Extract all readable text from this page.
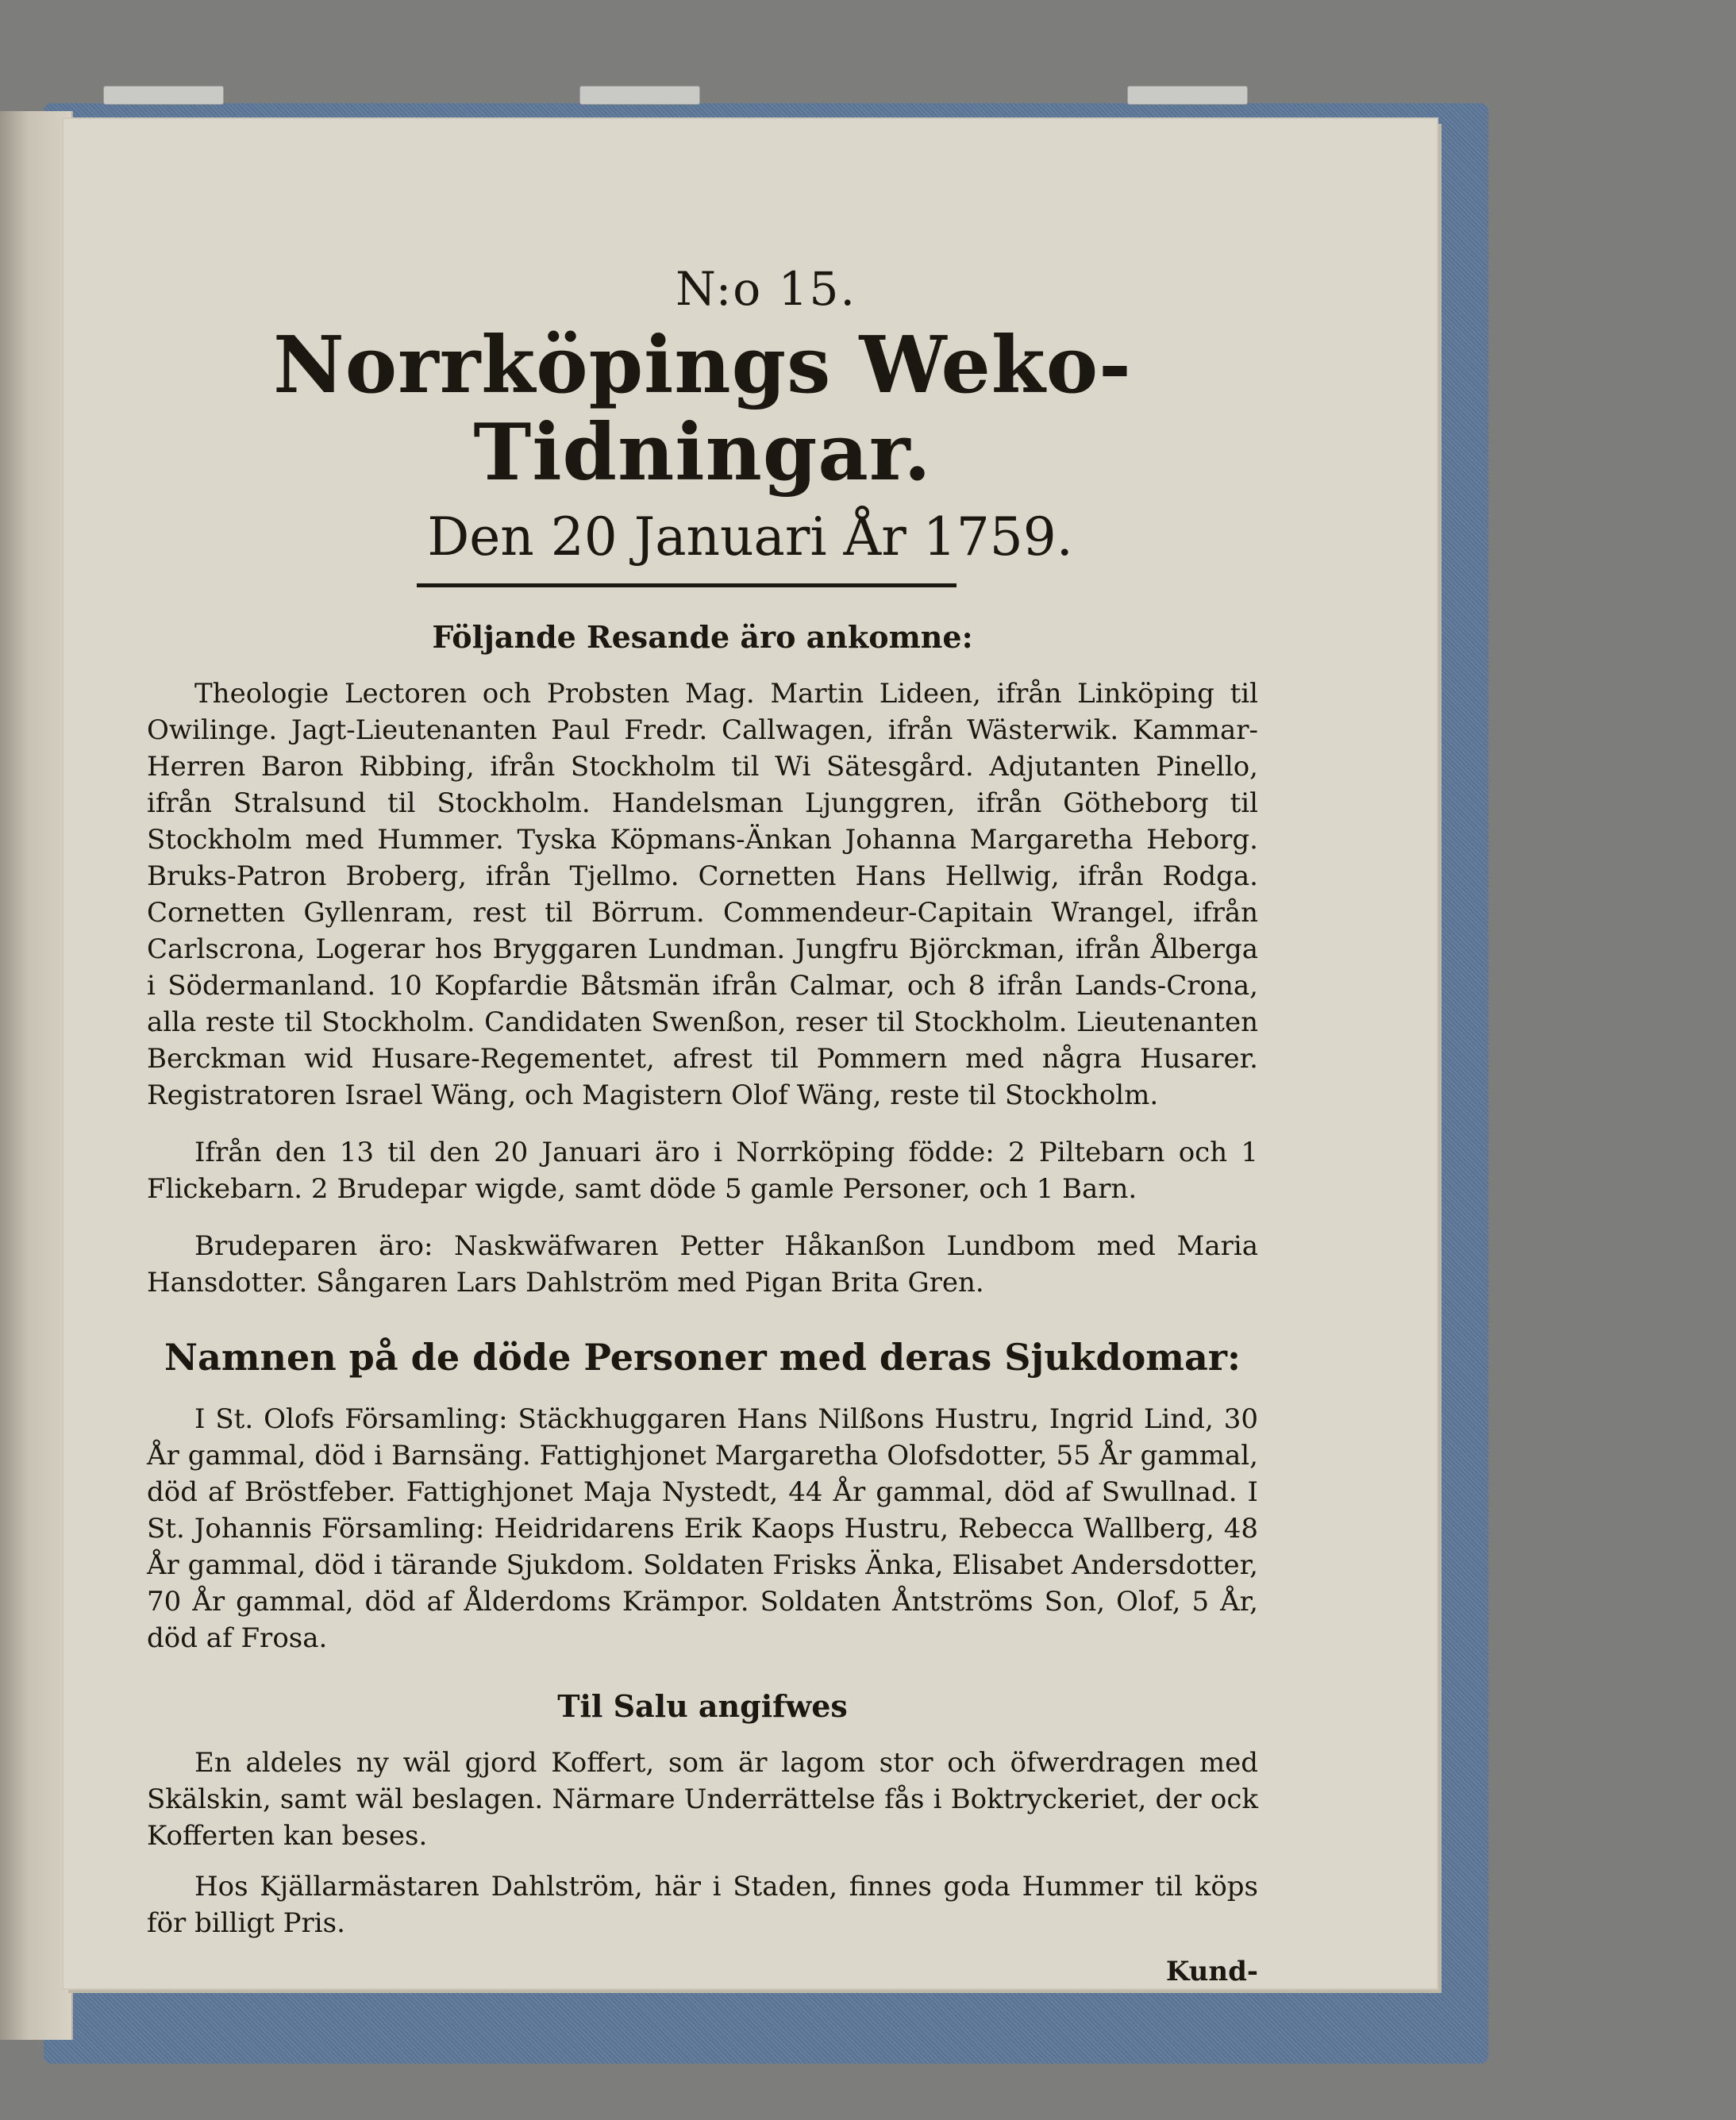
N:o 15.
Norrköpings Weko-Tidningar.
Den 20 Januari År 1759.
Följande Resande äro ankomne:
Theologie Lectoren och Probsten Mag. Martin Lideen, ifrån Linköping til Owilinge. Jagt-Lieutenanten Paul Fredr. Callwagen, ifrån Wästerwik. Kammar-Herren Baron Ribbing, ifrån Stockholm til Wi Sätesgård. Adjutanten Pinello, ifrån Stralsund til Stockholm. Handelsman Ljunggren, ifrån Götheborg til Stockholm med Hummer. Tyska Köpmans-Änkan Johanna Margaretha Heborg. Bruks-Patron Broberg, ifrån Tjellmo. Cornetten Hans Hellwig, ifrån Rodga. Cornetten Gyllenram, rest til Börrum. Commendeur-Capitain Wrangel, ifrån Carlscrona, Logerar hos Bryggaren Lundman. Jungfru Björckman, ifrån Ålberga i Södermanland. 10 Kopfardie Båtsmän ifrån Calmar, och 8 ifrån Lands-Crona, alla reste til Stockholm. Candidaten Swenßon, reser til Stockholm. Lieutenanten Berckman wid Husare-Regementet, afrest til Pommern med några Husarer. Registratoren Israel Wäng, och Magistern Olof Wäng, reste til Stockholm.
Ifrån den 13 til den 20 Januari äro i Norrköping födde: 2 Piltebarn och 1 Flickebarn. 2 Brudepar wigde, samt döde 5 gamle Personer, och 1 Barn.
Brudeparen äro: Naskwäfwaren Petter Håkanßon Lundbom med Maria Hansdotter. Sångaren Lars Dahlström med Pigan Brita Gren.
Namnen på de döde Personer med deras Sjukdomar:
I St. Olofs Församling: Stäckhuggaren Hans Nilßons Hustru, Ingrid Lind, 30 År gammal, död i Barnsäng. Fattighjonet Margaretha Olofsdotter, 55 År gammal, död af Bröstfeber. Fattighjonet Maja Nystedt, 44 År gammal, död af Swullnad. I St. Johannis Församling: Heidridarens Erik Kaops Hustru, Rebecca Wallberg, 48 År gammal, död i tärande Sjukdom. Soldaten Frisks Änka, Elisabet Andersdotter, 70 År gammal, död af Ålderdoms Krämpor. Soldaten Åntströms Son, Olof, 5 År, död af Frosa.
Til Salu angifwes
En aldeles ny wäl gjord Koffert, som är lagom stor och öfwerdragen med Skälskin, samt wäl beslagen. Närmare Underrättelse fås i Boktryckeriet, der ock Kofferten kan beses.
Hos Kjällarmästaren Dahlström, här i Staden, finnes goda Hummer til köps för billigt Pris.
Kund-
